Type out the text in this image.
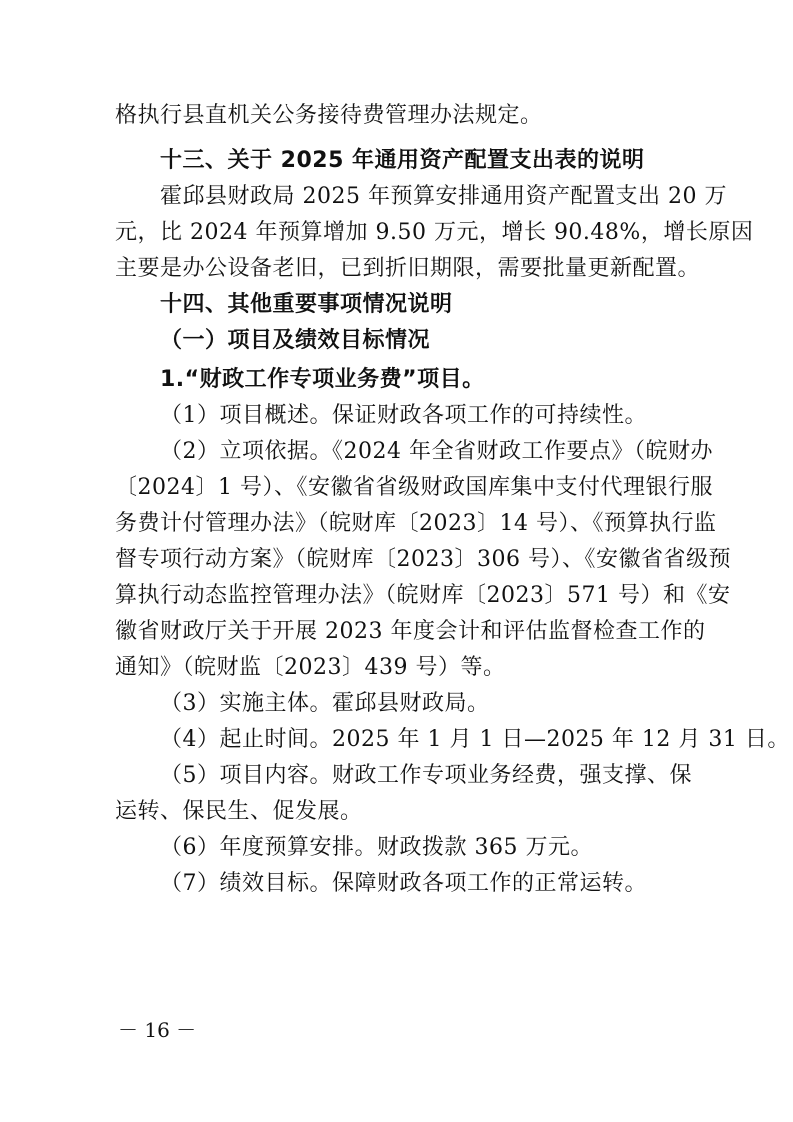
格执行县直机关公务接待费管理办法规定。
十三、关于 2025 年通用资产配置支出表的说明
霍邱县财政局 2025 年预算安排通用资产配置支出 20 万
元，比 2024 年预算增加 9.50 万元，增长 90.48%，增长原因
主要是办公设备老旧，已到折旧期限，需要批量更新配置。
十四、其他重要事项情况说明
（一）项目及绩效目标情况
1.“财政工作专项业务费”项目。
（1）项目概述。保证财政各项工作的可持续性。
（2）立项依据。《2024 年全省财政工作要点》（皖财办
〔2024〕1 号）、《安徽省省级财政国库集中支付代理银行服
务费计付管理办法》（皖财库〔2023〕14 号）、《预算执行监
督专项行动方案》（皖财库〔2023〕306 号）、《安徽省省级预
算执行动态监控管理办法》（皖财库〔2023〕571 号）和《安
徽省财政厅关于开展 2023 年度会计和评估监督检查工作的
通知》（皖财监〔2023〕439 号）等。
（3）实施主体。霍邱县财政局。
（4）起止时间。2025 年 1 月 1 日—2025 年 12 月 31 日。
（5）项目内容。财政工作专项业务经费，强支撑、保
运转、保民生、促发展。
（6）年度预算安排。财政拨款 365 万元。
（7）绩效目标。保障财政各项工作的正常运转。
－ 16 －
